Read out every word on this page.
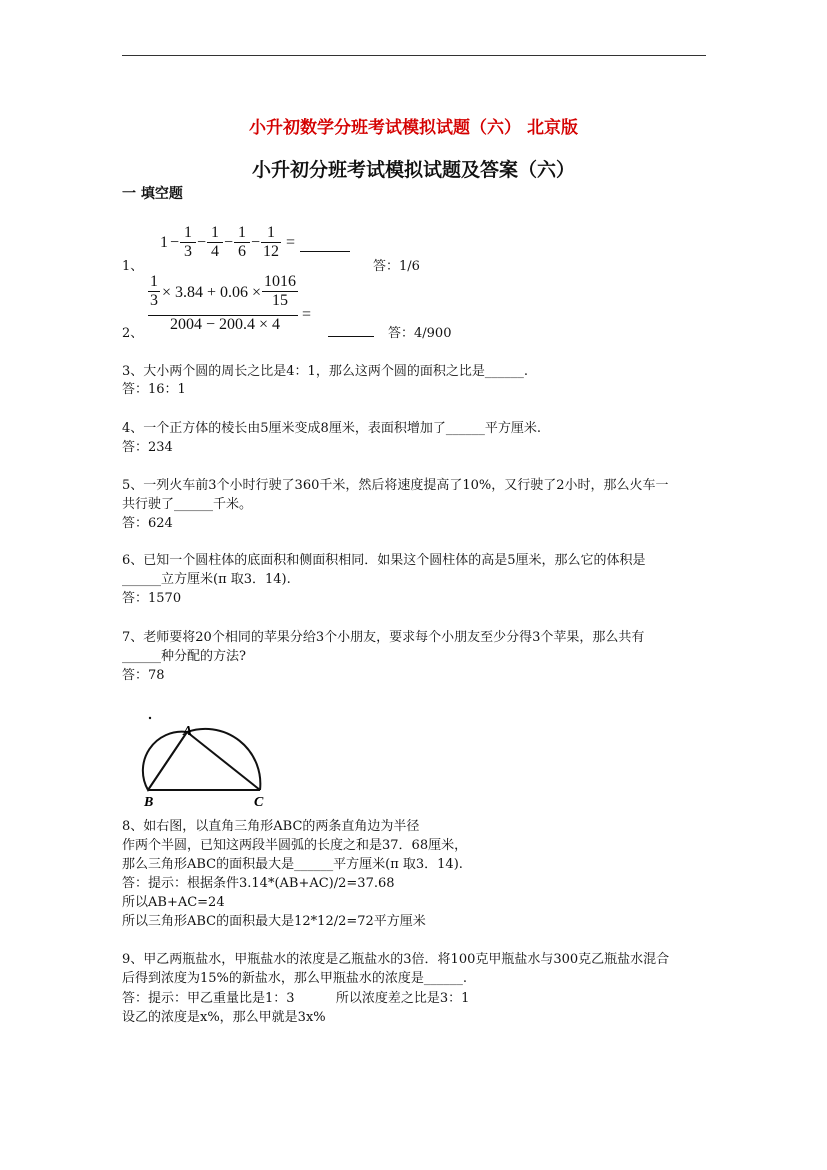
小升初数学分班考试模拟试题（六） 北京版
小升初分班考试模拟试题及答案（六）
一 填空题
1、
$1 - \frac{1}{3} - \frac{1}{4} - \frac{1}{6} - \frac{1}{12}$ =
答：1/6
2、
$\frac{1}{3} \times 3.84 + 0.06 \times \frac{1016}{15}$
2004 − 200.4 × 4
=
答：4/900
3、大小两个圆的周长之比是4：1，那么这两个圆的面积之比是______.
答：16：1
4、一个正方体的棱长由5厘米变成8厘米，表面积增加了______平方厘米.
答：234
5、一列火车前3个小时行驶了360千米，然后将速度提高了10%，又行驶了2小时，那么火车一
共行驶了______千米。
答：624
6、已知一个圆柱体的底面积和侧面积相同．如果这个圆柱体的高是5厘米，那么它的体积是
______立方厘米(π 取3．14).
答：1570
7、老师要将20个相同的苹果分给3个小朋友，要求每个小朋友至少分得3个苹果，那么共有
______种分配的方法?
答：78
A
B	C
8、如右图，以直角三角形ABC的两条直角边为半径
作两个半圆，已知这两段半圆弧的长度之和是37．68厘米，
那么三角形ABC的面积最大是______平方厘米(π 取3．14).
答：提示：根据条件3.14*(AB+AC)/2=37.68
所以AB+AC=24
所以三角形ABC的面积最大是12*12/2=72平方厘米
9、甲乙两瓶盐水，甲瓶盐水的浓度是乙瓶盐水的3倍．将100克甲瓶盐水与300克乙瓶盐水混合
后得到浓度为15%的新盐水，那么甲瓶盐水的浓度是______.
答：提示：甲乙重量比是1：3          所以浓度差之比是3：1
设乙的浓度是x%，那么甲就是3x%
